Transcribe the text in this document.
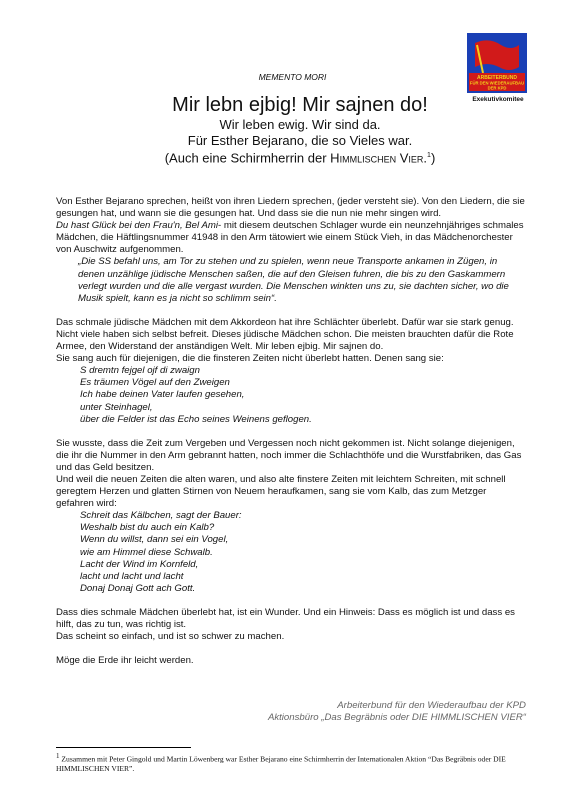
ARBEITERBUND
FÜR DEN WIEDERAUFBAU
DER KPD
Exekutivkomitee
MEMENTO MORI
Mir lebn ejbig! Mir sajnen do!
Wir leben ewig. Wir sind da.
Für Esther Bejarano, die so Vieles war.
(Auch eine Schirmherrin der Himmlischen Vier.$^1$)

Von Esther Bejarano sprechen, heißt von ihren Liedern sprechen, (jeder versteht sie). Von den Liedern, die sie gesungen hat, und wann sie die gesungen hat. Und dass sie die nun nie mehr singen wird.

Du hast Glück bei den Frau'n, Bel Ami- mit diesem deutschen Schlager wurde ein neunzehnjähriges schmales Mädchen, die Häftlingsnummer 41948 in den Arm tätowiert wie einem Stück Vieh, in das Mädchenorchester von Auschwitz aufgenommen.

„Die SS befahl uns, am Tor zu stehen und zu spielen, wenn neue Transporte ankamen in Zügen, in denen unzählige jüdische Menschen saßen, die auf den Gleisen fuhren, die bis zu den Gaskammern verlegt wurden und die alle vergast wurden. Die Menschen winkten uns zu, sie dachten sicher, wo die Musik spielt, kann es ja nicht so schlimm sein“.

Das schmale jüdische Mädchen mit dem Akkordeon hat ihre Schlächter überlebt. Dafür war sie stark genug. Nicht viele haben sich selbst befreit. Dieses jüdische Mädchen schon. Die meisten brauchten dafür die Rote Armee, den Widerstand der anständigen Welt. Mir leben ejbig. Mir sajnen do.

Sie sang auch für diejenigen, die die finsteren Zeiten nicht überlebt hatten. Denen sang sie:

S dremtn fejgel ojf di zwaign
Es träumen Vögel auf den Zweigen
Ich habe deinen Vater laufen gesehen,
unter Steinhagel,
über die Felder ist das Echo seines Weinens geflogen.

Sie wusste, dass die Zeit zum Vergeben und Vergessen noch nicht gekommen ist. Nicht solange diejenigen, die ihr die Nummer in den Arm gebrannt hatten, noch immer die Schlachthöfe und die Wurstfabriken, das Gas und das Geld besitzen.

Und weil die neuen Zeiten die alten waren, und also alte finstere Zeiten mit leichtem Schreiten, mit schnell geregtem Herzen und glatten Stirnen von Neuem heraufkamen, sang sie vom Kalb, das zum Metzger gefahren wird:

Schreit das Kälbchen, sagt der Bauer:
Weshalb bist du auch ein Kalb?
Wenn du willst, dann sei ein Vogel,
wie am Himmel diese Schwalb.
Lacht der Wind im Kornfeld,
lacht und lacht und lacht
Donaj Donaj Gott ach Gott.

Dass dies schmale Mädchen überlebt hat, ist ein Wunder. Und ein Hinweis: Dass es möglich ist und dass es hilft, das zu tun, was richtig ist.

Das scheint so einfach, und ist so schwer zu machen.

Möge die Erde ihr leicht werden.

Arbeiterbund für den Wiederaufbau der KPD
Aktionsbüro „Das Begräbnis oder DIE HIMMLISCHEN VIER“
$^1$ Zusammen mit Peter Gingold und Martin Löwenberg war Esther Bejarano eine Schirmherrin der Internationalen Aktion “Das Begräbnis oder DIE HIMMLISCHEN VIER”.
